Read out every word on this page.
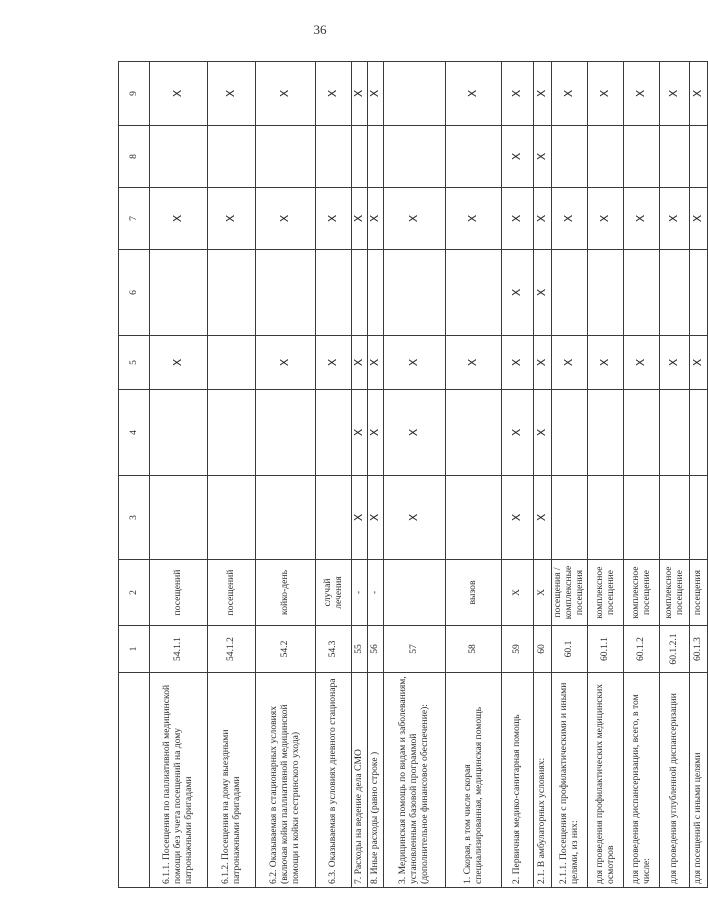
36
	1	2	3	4	5	6	7	8	9
6.1.1. Посещения по паллиативной медицинской помощи без учета посещений на дому патронажными бригадами	54.1.1	посещений			X		X		X
6.1.2. Посещения на дому выездными патронажными бригадами	54.1.2	посещений					X		X
6.2. Оказываемая в стационарных условиях (включая койки паллиативной медицинской помощи и койки сестринского ухода)	54.2	койко-день			X		X		X
6.3. Оказываемая в условиях дневного стационара	54.3	случай лечения			X		X		X
7. Расходы на ведение дела СМО	55	-	X	X	X		X		X
8. Иные расходы (равно строке )	56	-	X	X	X		X		X
3. Медицинская помощь по видам и заболеваниям, установленным базовой программой (дополнительное финансовое обеспечение):	57		X	X	X		X		
1. Скорая, в том числе скорая специализированная, медицинская помощь	58	вызов			X		X		X
2. Первичная медико-санитарная помощь	59	X	X	X	X	X	X	X	X
2.1. В амбулаторных условиях:	60	X	X	X	X	X	X	X	X
2.1.1. Посещения с профилактическими и иными целями, из них:	60.1	посещения / комплексные посещения			X		X		X
для проведения профилактических медицинских осмотров	60.1.1	комплексное посещение			X		X		X
для проведения диспансеризации, всего, в том числе:	60.1.2	комплексное посещение			X		X		X
для проведения углубленной диспансеризации	60.1.2.1	комплексное посещение			X		X		X
для посещений с иными целями	60.1.3	посещения			X		X		X
